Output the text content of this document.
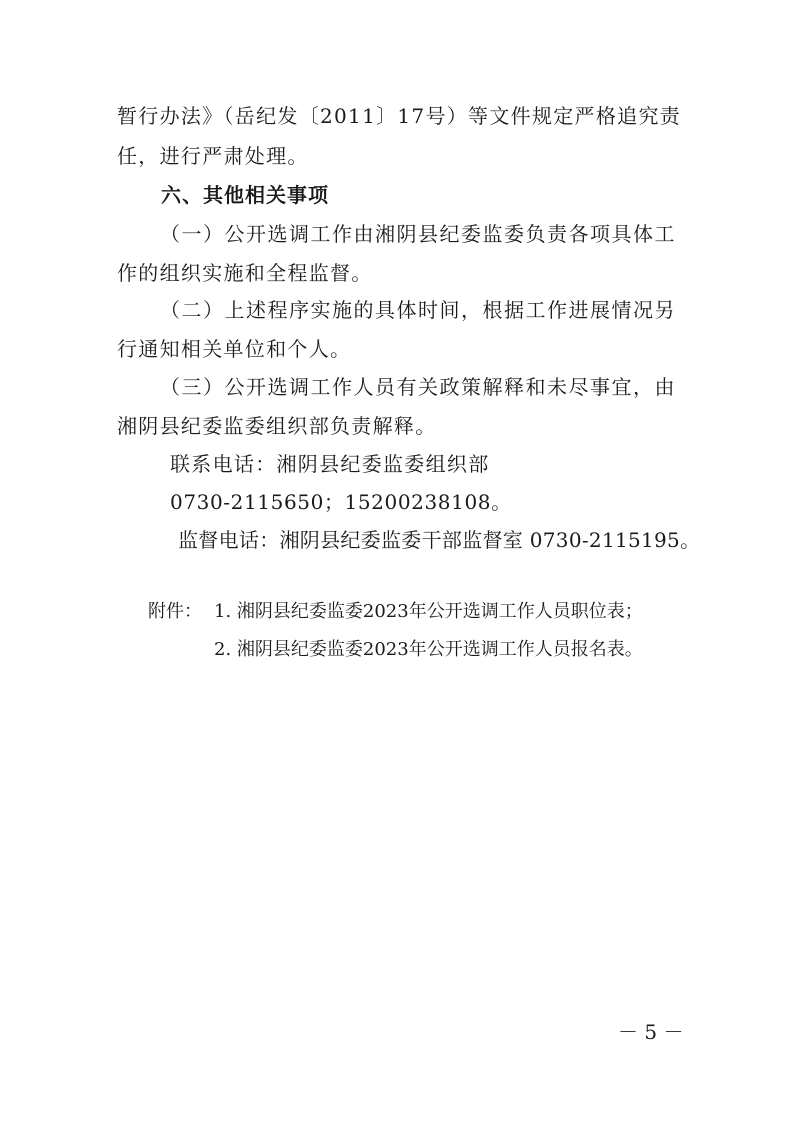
暂行办法》（岳纪发〔2011〕17号）等文件规定严格追究责
任，进行严肃处理。
六、其他相关事项
（一）公开选调工作由湘阴县纪委监委负责各项具体工
作的组织实施和全程监督。
（二）上述程序实施的具体时间，根据工作进展情况另
行通知相关单位和个人。
（三）公开选调工作人员有关政策解释和未尽事宜，由
湘阴县纪委监委组织部负责解释。
联系电话：湘阴县纪委监委组织部
0730-2115650；15200238108。
监督电话：湘阴县纪委监委干部监督室 0730-2115195。
附件： 1. 湘阴县纪委监委2023年公开选调工作人员职位表；
2. 湘阴县纪委监委2023年公开选调工作人员报名表。
－ 5 －
